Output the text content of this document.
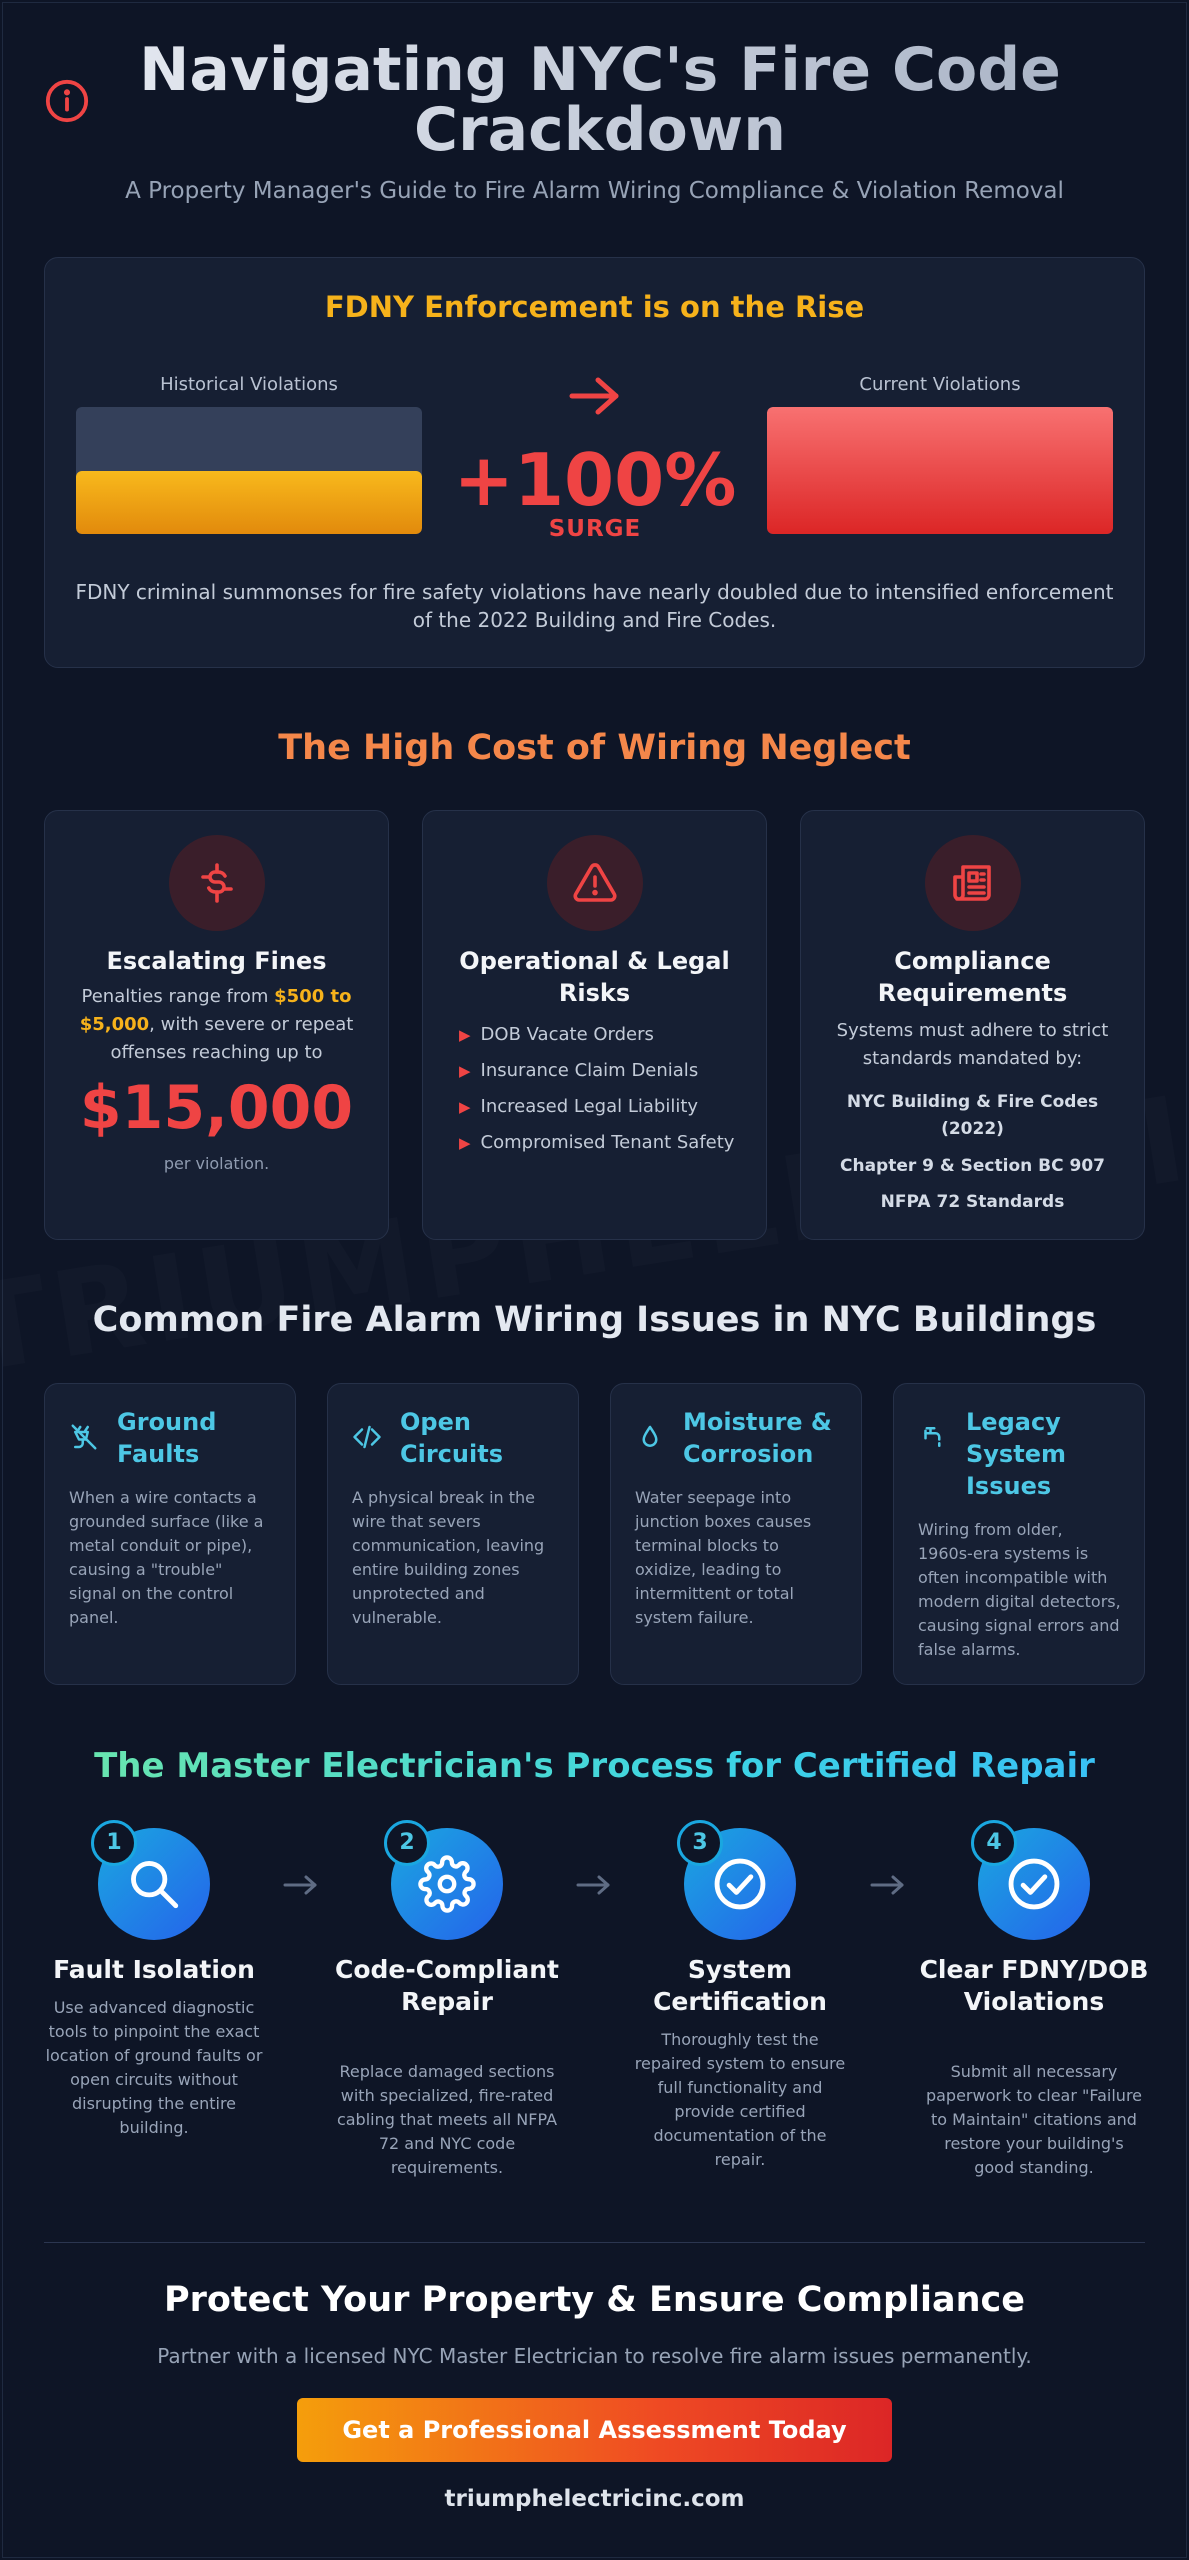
Navigating NYC's Fire Code Crackdown

A Property Manager's Guide to Fire Alarm Wiring Compliance & Violation Removal

FDNY Enforcement is on the Rise
Historical Violations
+100%
SURGE
Current Violations

FDNY criminal summonses for fire safety violations have nearly doubled due to intensified enforcement of the 2022 Building and Fire Codes.

The High Cost of Wiring Neglect
Escalating Fines

Penalties range from $500 to $5,000, with severe or repeat offenses reaching up to

$15,000
per violation.
Operational & Legal Risks
▶ DOB Vacate Orders
▶ Insurance Claim Denials
▶ Increased Legal Liability
▶ Compromised Tenant Safety
Compliance Requirements

Systems must adhere to strict standards mandated by:

NYC Building & Fire Codes (2022)
Chapter 9 & Section BC 907
NFPA 72 Standards
Common Fire Alarm Wiring Issues in NYC Buildings
Ground Faults

When a wire contacts a grounded surface (like a metal conduit or pipe), causing a "trouble" signal on the control panel.

Open Circuits

A physical break in the wire that severs communication, leaving entire building zones unprotected and vulnerable.

Moisture & Corrosion

Water seepage into junction boxes causes terminal blocks to oxidize, leading to intermittent or total system failure.

Legacy System Issues

Wiring from older, 1960s-era systems is often incompatible with modern digital detectors, causing signal errors and false alarms.

The Master Electrician's Process for Certified Repair
1
Fault Isolation

Use advanced diagnostic tools to pinpoint the exact location of ground faults or open circuits without disrupting the entire building.

2
Code-Compliant Repair

Replace damaged sections with specialized, fire-rated cabling that meets all NFPA 72 and NYC code requirements.

3
System Certification

Thoroughly test the repaired system to ensure full functionality and provide certified documentation of the repair.

4
Clear FDNY/DOB Violations

Submit all necessary paperwork to clear "Failure to Maintain" citations and restore your building's good standing.

Protect Your Property & Ensure Compliance

Partner with a licensed NYC Master Electrician to resolve fire alarm issues permanently.

Get a Professional Assessment Today
triumphelectricinc.com
